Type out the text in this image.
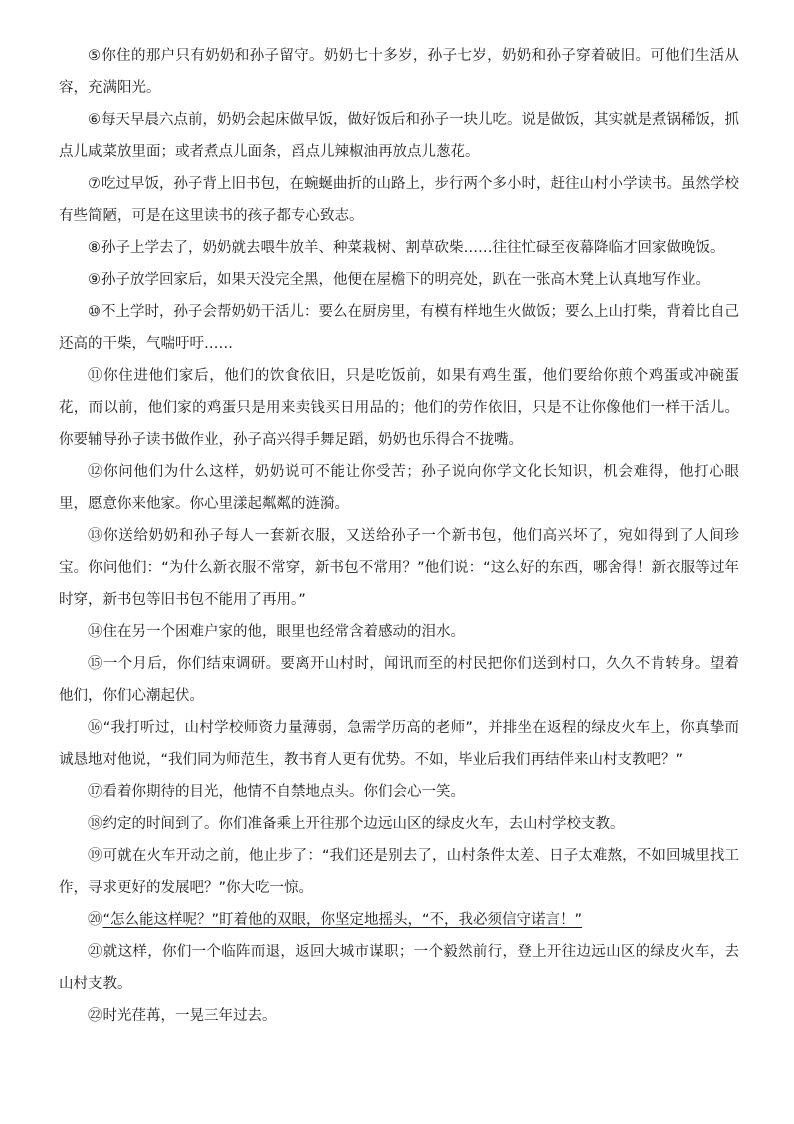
⑤你住的那户只有奶奶和孙子留守。奶奶七十多岁，孙子七岁，奶奶和孙子穿着破旧。可他们生活从容，充满阳光。

⑥每天早晨六点前，奶奶会起床做早饭，做好饭后和孙子一块儿吃。说是做饭，其实就是煮锅稀饭，抓点儿咸菜放里面；或者煮点儿面条，舀点儿辣椒油再放点儿葱花。

⑦吃过早饭，孙子背上旧书包，在蜿蜒曲折的山路上，步行两个多小时，赶往山村小学读书。虽然学校有些简陋，可是在这里读书的孩子都专心致志。

⑧孙子上学去了，奶奶就去喂牛放羊、种菜栽树、割草砍柴……往往忙碌至夜幕降临才回家做晚饭。

⑨孙子放学回家后，如果天没完全黑，他便在屋檐下的明亮处，趴在一张高木凳上认真地写作业。

⑩不上学时，孙子会帮奶奶干活儿：要么在厨房里，有模有样地生火做饭；要么上山打柴，背着比自己还高的干柴，气喘吁吁……

⑪你住进他们家后，他们的饮食依旧，只是吃饭前，如果有鸡生蛋，他们要给你煎个鸡蛋或冲碗蛋花，而以前，他们家的鸡蛋只是用来卖钱买日用品的；他们的劳作依旧，只是不让你像他们一样干活儿。你要辅导孙子读书做作业，孙子高兴得手舞足蹈，奶奶也乐得合不拢嘴。

⑫你问他们为什么这样，奶奶说可不能让你受苦；孙子说向你学文化长知识，机会难得，他打心眼里，愿意你来他家。你心里漾起粼粼的涟漪。

⑬你送给奶奶和孙子每人一套新衣服，又送给孙子一个新书包，他们高兴坏了，宛如得到了人间珍宝。你问他们：“为什么新衣服不常穿，新书包不常用？”他们说：“这么好的东西，哪舍得！新衣服等过年时穿，新书包等旧书包不能用了再用。”

⑭住在另一个困难户家的他，眼里也经常含着感动的泪水。

⑮一个月后，你们结束调研。要离开山村时，闻讯而至的村民把你们送到村口，久久不肯转身。望着他们，你们心潮起伏。

⑯“我打听过，山村学校师资力量薄弱，急需学历高的老师”，并排坐在返程的绿皮火车上，你真挚而诚恳地对他说，“我们同为师范生，教书育人更有优势。不如，毕业后我们再结伴来山村支教吧？”

⑰看着你期待的目光，他情不自禁地点头。你们会心一笑。

⑱约定的时间到了。你们准备乘上开往那个边远山区的绿皮火车，去山村学校支教。

⑲可就在火车开动之前，他止步了：“我们还是别去了，山村条件太差、日子太难熬，不如回城里找工作，寻求更好的发展吧？”你大吃一惊。

⑳“怎么能这样呢？”盯着他的双眼，你坚定地摇头，“不，我必须信守诺言！”

㉑就这样，你们一个临阵而退，返回大城市谋职；一个毅然前行，登上开往边远山区的绿皮火车，去山村支教。

㉒时光荏苒，一晃三年过去。
